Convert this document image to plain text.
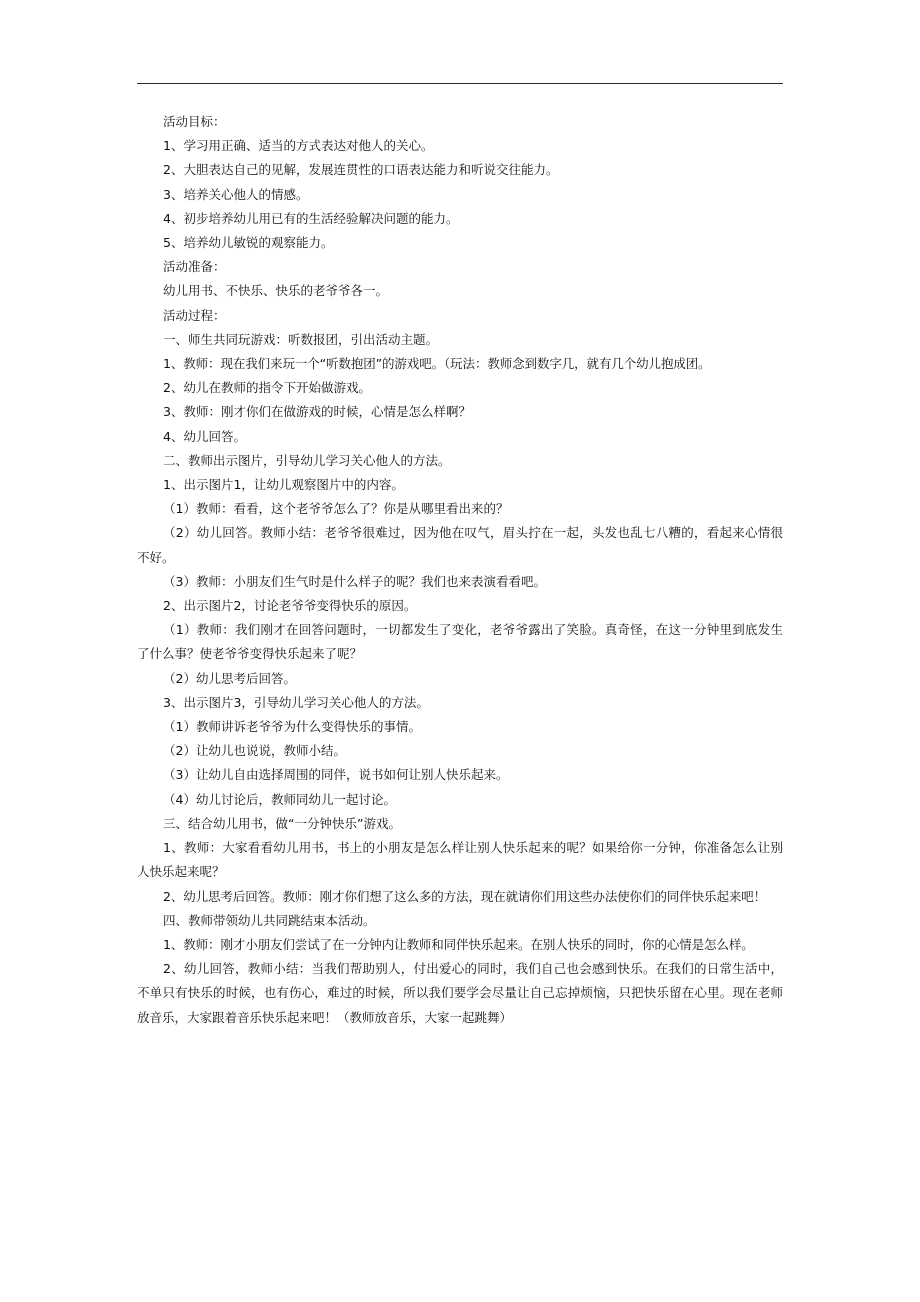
活动目标：

1、学习用正确、适当的方式表达对他人的关心。

2、大胆表达自己的见解，发展连贯性的口语表达能力和听说交往能力。

3、培养关心他人的情感。

4、初步培养幼儿用已有的生活经验解决问题的能力。

5、培养幼儿敏锐的观察能力。

活动准备：

幼儿用书、不快乐、快乐的老爷爷各一。

活动过程：

一、师生共同玩游戏：听数报团，引出活动主题。

1、教师：现在我们来玩一个“听数抱团”的游戏吧。（玩法：教师念到数字几，就有几个幼儿抱成团。

2、幼儿在教师的指令下开始做游戏。

3、教师：刚才你们在做游戏的时候，心情是怎么样啊？

4、幼儿回答。

二、教师出示图片，引导幼儿学习关心他人的方法。

1、出示图片1，让幼儿观察图片中的内容。

（1）教师：看看，这个老爷爷怎么了？你是从哪里看出来的？

（2）幼儿回答。教师小结：老爷爷很难过，因为他在叹气，眉头拧在一起，头发也乱七八糟的，看起来心情很不好。

（3）教师：小朋友们生气时是什么样子的呢？我们也来表演看看吧。

2、出示图片2，讨论老爷爷变得快乐的原因。

（1）教师：我们刚才在回答问题时，一切都发生了变化，老爷爷露出了笑脸。真奇怪，在这一分钟里到底发生了什么事？使老爷爷变得快乐起来了呢？

（2）幼儿思考后回答。

3、出示图片3，引导幼儿学习关心他人的方法。

（1）教师讲诉老爷爷为什么变得快乐的事情。

（2）让幼儿也说说，教师小结。

（3）让幼儿自由选择周围的同伴，说书如何让别人快乐起来。

（4）幼儿讨论后，教师同幼儿一起讨论。

三、结合幼儿用书，做“一分钟快乐”游戏。

1、教师：大家看看幼儿用书，书上的小朋友是怎么样让别人快乐起来的呢？如果给你一分钟，你准备怎么让别人快乐起来呢？

2、幼儿思考后回答。教师：刚才你们想了这么多的方法，现在就请你们用这些办法使你们的同伴快乐起来吧！

四、教师带领幼儿共同跳结束本活动。

1、教师：刚才小朋友们尝试了在一分钟内让教师和同伴快乐起来。在别人快乐的同时，你的心情是怎么样。

2、幼儿回答，教师小结：当我们帮助别人，付出爱心的同时，我们自己也会感到快乐。在我们的日常生活中，不单只有快乐的时候，也有伤心，难过的时候，所以我们要学会尽量让自己忘掉烦恼，只把快乐留在心里。现在老师放音乐，大家跟着音乐快乐起来吧！（教师放音乐，大家一起跳舞）
